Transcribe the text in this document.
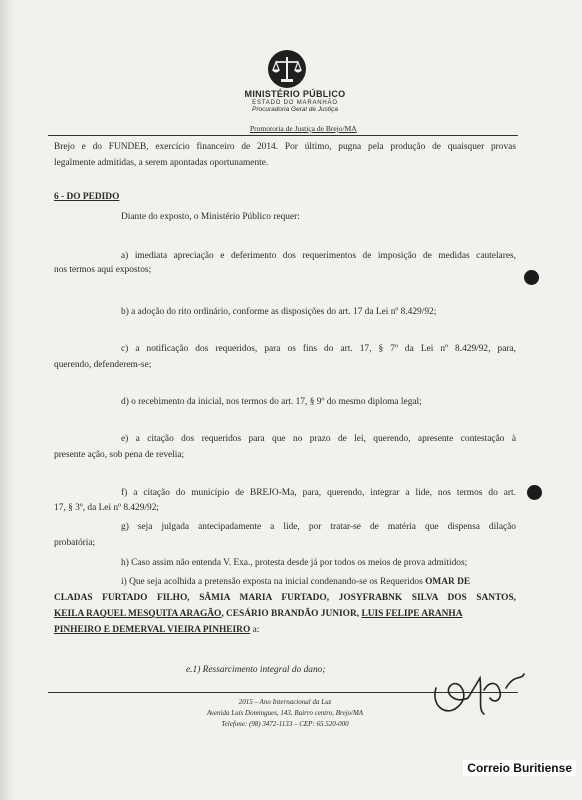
MINISTÉRIO PÚBLICO
ESTADO DO MARANHÃO
Procuradoria Geral de Justiça
Promotoria de Justiça de Brejo/MA
Brejo e do FUNDEB, exercício financeiro de 2014. Por último, pugna pela produção de quaisquer provas
legalmente admitidas, a serem apontadas oportunamente.
6 - DO PEDIDO
Diante do exposto, o Ministério Público requer:
a) imediata apreciação e deferimento dos requerimentos de imposição de medidas cautelares,
nos termos aqui expostos;
b) a adoção do rito ordinário, conforme as disposições do art. 17 da Lei nº 8.429/92;
c) a notificação dos requeridos, para os fins do art. 17, § 7º da Lei nº 8.429/92, para,
querendo, defenderem-se;
d) o recebimento da inicial, nos termos do art. 17, § 9º do mesmo diploma legal;
e) a citação dos requeridos para que no prazo de lei, querendo, apresente contestação à
presente ação, sob pena de revelia;
f) a citação do município de BREJO-Ma, para, querendo, integrar a lide, nos termos do art.
17, § 3º, da Lei nº 8.429/92;
g) seja julgada antecipadamente a lide, por tratar-se de matéria que dispensa dilação
probatória;
h) Caso assim não entenda V. Exa., protesta desde já por todos os meios de prova admitidos;
i) Que seja acolhida a pretensão exposta na inicial condenando-se os Requeridos OMAR DE
CLADAS FURTADO FILHO, SÂMIA MARIA FURTADO, JOSYFRABNK SILVA DOS SANTOS,
KEILA RAQUEL MESQUITA ARAGÃO, CESÁRIO BRANDÃO JUNIOR, LUIS FELIPE ARANHA
PINHEIRO E DEMERVAL VIEIRA PINHEIRO a:
e.1) Ressarcimento integral do dano;
2015 – Ano Internacional da Luz
Avenida Luís Domingues, 143, Bairro centro, Brejo/MA
Telefone: (98) 3472-1133 – CEP: 65.520-000
Correio Buritiense
